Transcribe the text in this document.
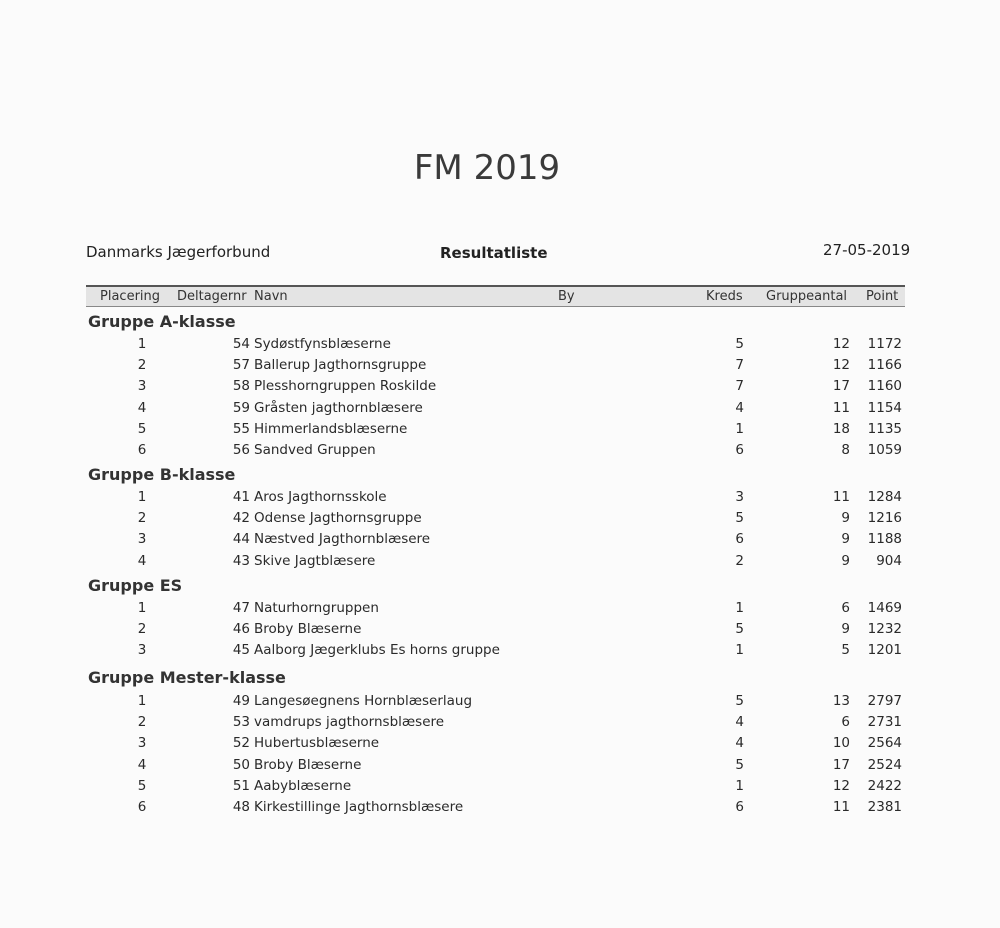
FM 2019
Danmarks Jægerforbund	Resultatliste	27-05-2019
Placering Deltagernr Navn	By	Kreds Gruppeantal Point
Gruppe A-klasse
1	54 Sydøstfynsblæserne	5	12	1172
2	57 Ballerup Jagthornsgruppe	7	12	1166
3	58 Plesshorngruppen Roskilde	7	17	1160
4	59 Gråsten jagthornblæsere	4	11	1154
5	55 Himmerlandsblæserne	1	18	1135
6	56 Sandved Gruppen	6	8	1059
Gruppe B-klasse
1	41 Aros Jagthornsskole	3	11	1284
2	42 Odense Jagthornsgruppe	5	9	1216
3	44 Næstved Jagthornblæsere	6	9	1188
4	43 Skive Jagtblæsere	2	9	904
Gruppe ES
1	47 Naturhorngruppen	1	6	1469
2	46 Broby Blæserne	5	9	1232
3	45 Aalborg Jægerklubs Es horns gruppe	1	5	1201
Gruppe Mester-klasse
1	49 Langesøegnens Hornblæserlaug	5	13	2797
2	53 vamdrups jagthornsblæsere	4	6	2731
3	52 Hubertusblæserne	4	10	2564
4	50 Broby Blæserne	5	17	2524
5	51 Aabyblæserne	1	12	2422
6	48 Kirkestillinge Jagthornsblæsere	6	11	2381
